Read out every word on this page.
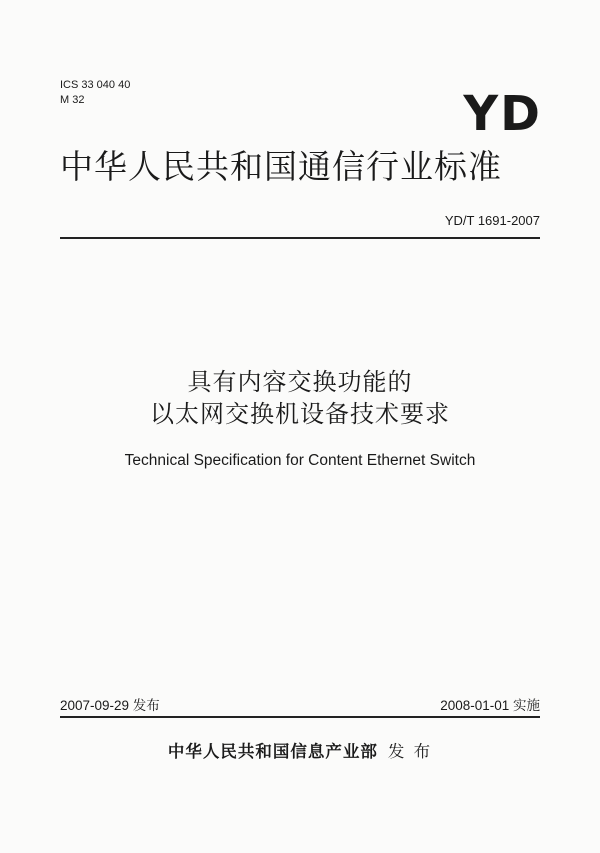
ICS 33 040 40
M 32	YD
中华人民共和国通信行业标准
YD/T 1691-2007
具有内容交换功能的
以太网交换机设备技术要求
Technical Specification for Content Ethernet Switch
2007-09-29 发布	2008-01-01 实施
中华人民共和国信息产业部 发 布
